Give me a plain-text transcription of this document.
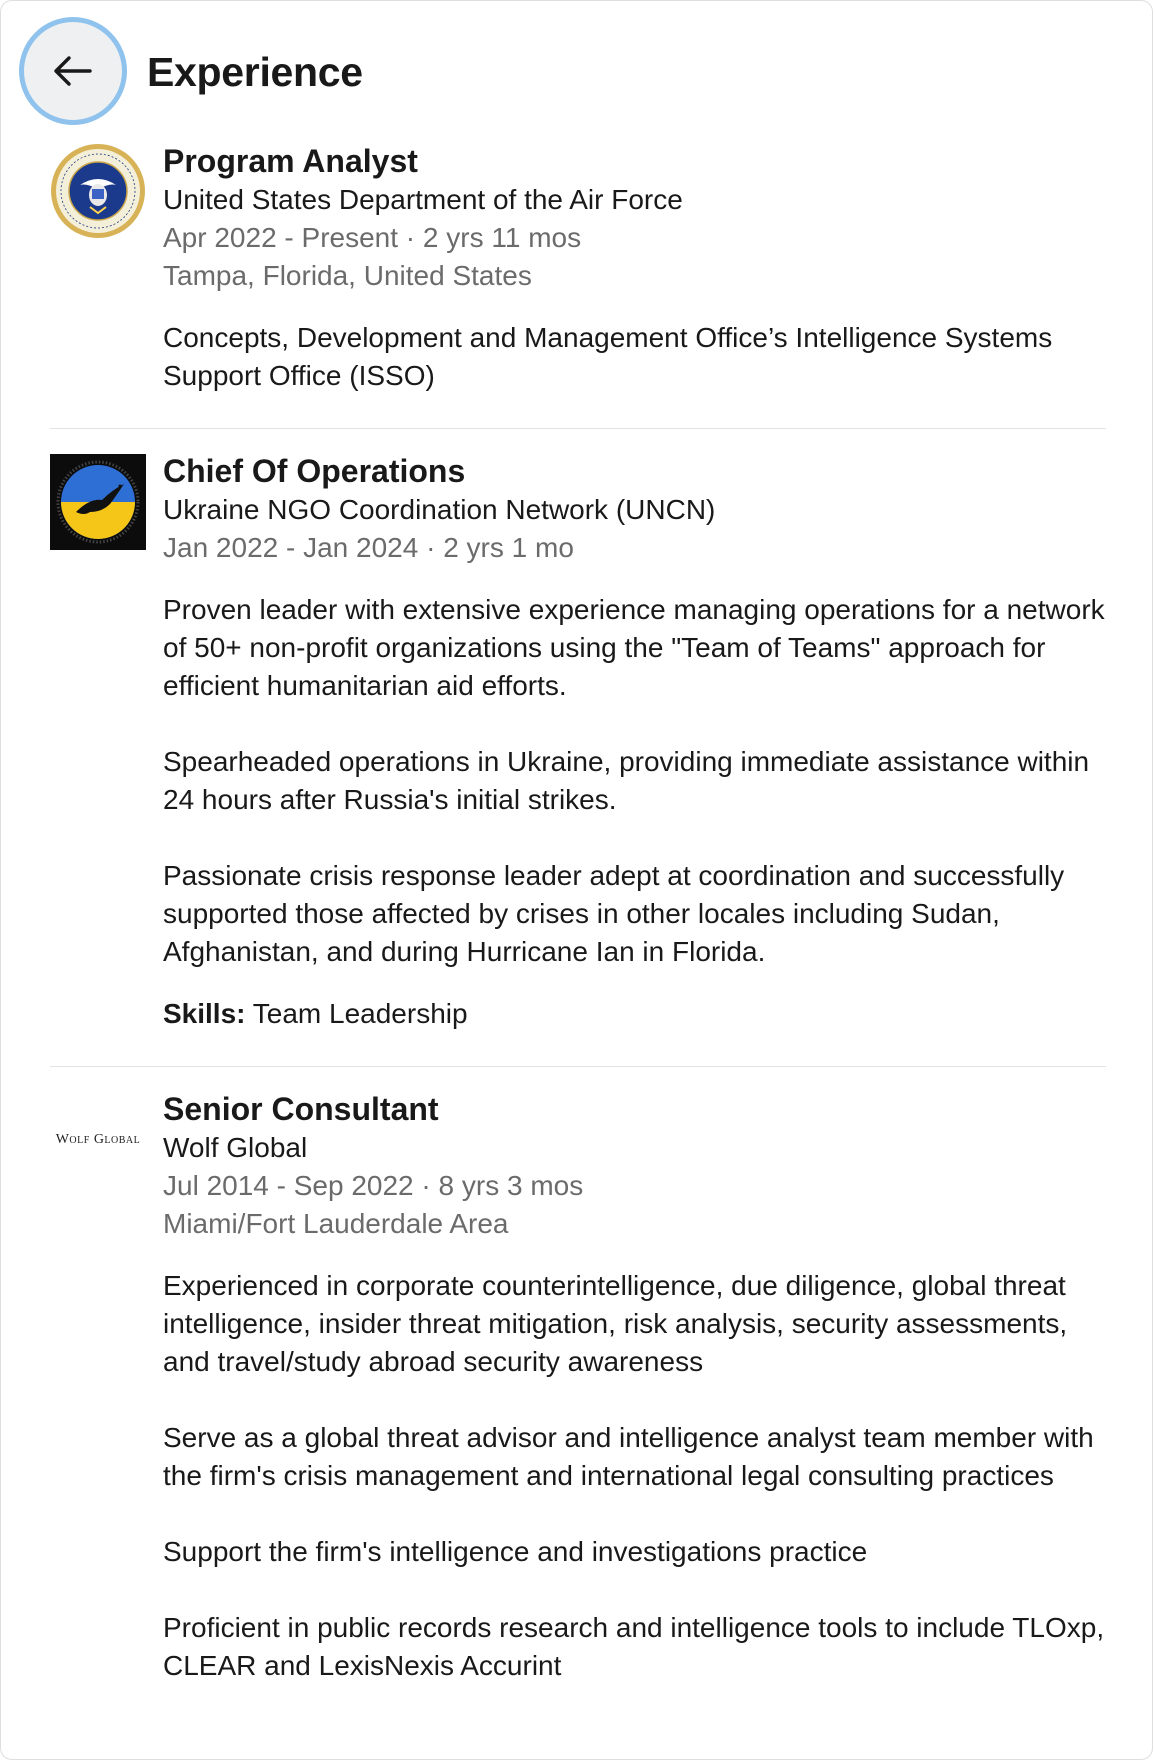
Experience
Program Analyst
United States Department of the Air Force
Apr 2022 - Present · 2 yrs 11 mos
Tampa, Florida, United States

Concepts, Development and Management Office’s Intelligence Systems Support Office (ISSO)

Chief Of Operations
Ukraine NGO Coordination Network (UNCN)
Jan 2022 - Jan 2024 · 2 yrs 1 mo

Proven leader with extensive experience managing operations for a network of 50+ non-profit organizations using the "Team of Teams" approach for efficient humanitarian aid efforts.

Spearheaded operations in Ukraine, providing immediate assistance within 24 hours after Russia's initial strikes.

Passionate crisis response leader adept at coordination and successfully supported those affected by crises in other locales including Sudan, Afghanistan, and during Hurricane Ian in Florida.

Skills: Team Leadership
Wolf Global
Senior Consultant
Wolf Global
Jul 2014 - Sep 2022 · 8 yrs 3 mos
Miami/Fort Lauderdale Area

Experienced in corporate counterintelligence, due diligence, global threat intelligence, insider threat mitigation, risk analysis, security assessments, and travel/study abroad security awareness

Serve as a global threat advisor and intelligence analyst team member with the firm's crisis management and international legal consulting practices

Support the firm's intelligence and investigations practice

Proficient in public records research and intelligence tools to include TLOxp, CLEAR and LexisNexis Accurint
